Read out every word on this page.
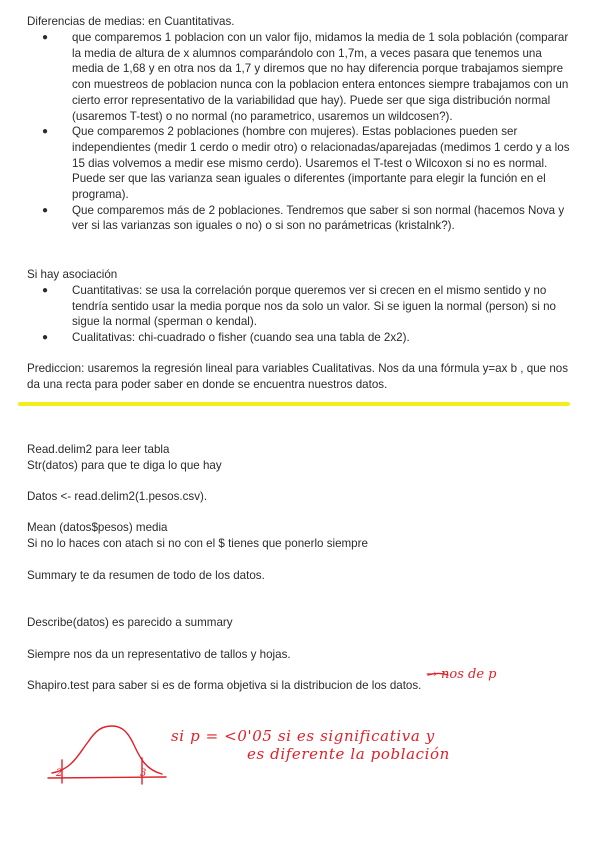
Diferencias de medias: en Cuantitativas.

● que comparemos 1 poblacion con un valor fijo, midamos la media de 1 sola población (comparar la media de altura de x alumnos comparándolo con 1,7m, a veces pasara que tenemos una media de 1,68 y en otra nos da 1,7 y diremos que no hay diferencia porque trabajamos siempre con muestreos de poblacion nunca con la poblacion entera entonces siempre trabajamos con un cierto error representativo de la variabilidad que hay). Puede ser que siga distribución normal (usaremos T-test) o no normal (no parametrico, usaremos un wildcosen?).
● Que comparemos 2 poblaciones (hombre con mujeres). Estas poblaciones pueden ser independientes (medir 1 cerdo o medir otro) o relacionadas/aparejadas (medimos 1 cerdo y a los 15 dias volvemos a medir ese mismo cerdo). Usaremos el T-test o Wilcoxon si no es normal. Puede ser que las varianza sean iguales o diferentes (importante para elegir la función en el programa).
● Que comparemos más de 2 poblaciones. Tendremos que saber si son normal (hacemos Nova y ver si las varianzas son iguales o no) o si son no parámetricas (kristalnk?).

Si hay asociación

● Cuantitativas: se usa la correlación porque queremos ver si crecen en el mismo sentido y no tendría sentido usar la media porque nos da solo un valor. Si se iguen la normal (person) si no sigue la normal (sperman o kendal).
● Cualitativas: chi-cuadrado o fisher (cuando sea una tabla de 2x2).

Prediccion: usaremos la regresión lineal para variables Cualitativas. Nos da una fórmula y=ax b , que nos

da una recta para poder saber en donde se encuentra nuestros datos.

Read.delim2 para leer tabla

Str(datos) para que te diga lo que hay

Datos <- read.delim2(1.pesos.csv).

Mean (datos$pesos) media

Si no lo haces con atach si no con el $ tienes que ponerlo siempre

Summary te da resumen de todo de los datos.

Describe(datos) es parecido a summary

Siempre nos da un representativo de tallos y hojas.

Shapiro.test para saber si es de forma objetiva si la distribucion de los datos.

→ nos de p
si p = <0'05 si es significativa y
es diferente la población
2	3
